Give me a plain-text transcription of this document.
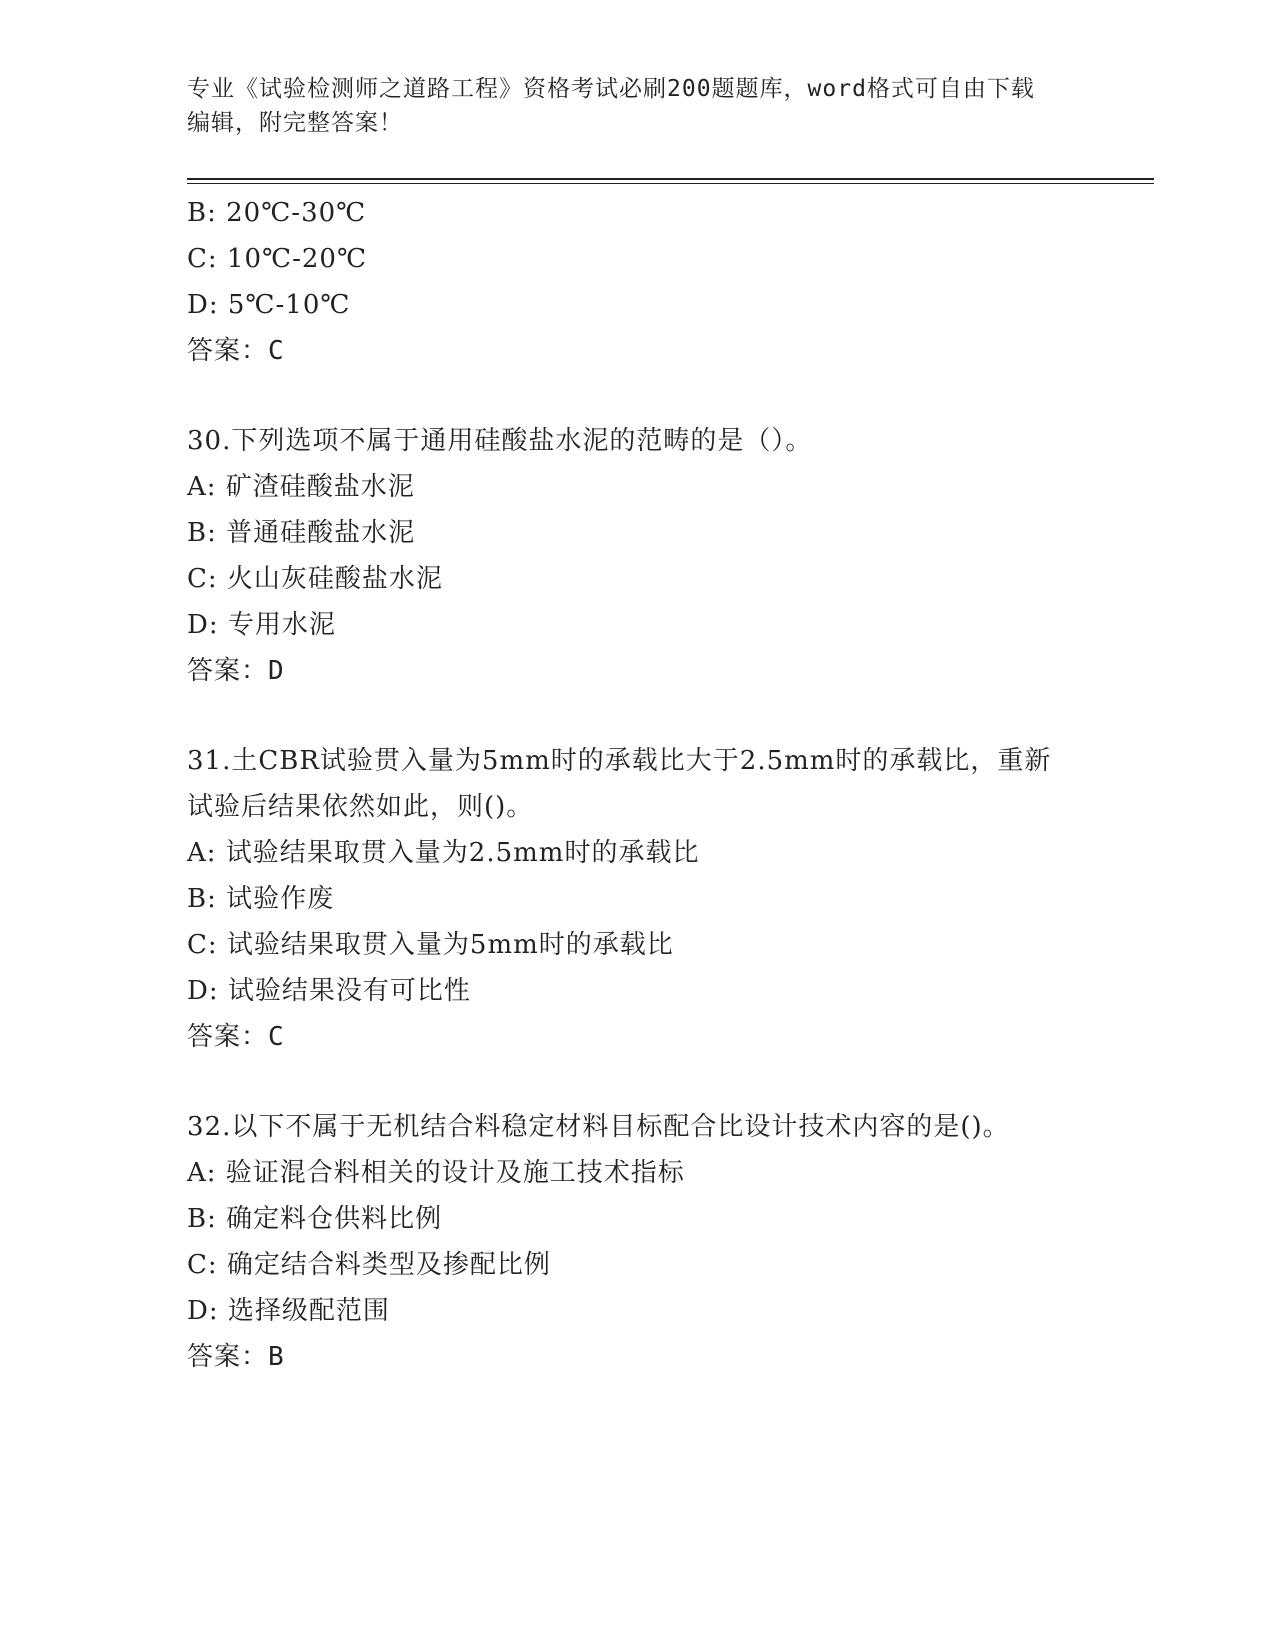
专业《试验检测师之道路工程》资格考试必刷200题题库，word格式可自由下载
编辑，附完整答案！
B: 20℃-30℃
C: 10℃-20℃
D: 5℃-10℃
答案：C
30.下列选项不属于通用硅酸盐水泥的范畴的是（）。
A: 矿渣硅酸盐水泥
B: 普通硅酸盐水泥
C: 火山灰硅酸盐水泥
D: 专用水泥
答案：D
31.土CBR试验贯入量为5mm时的承载比大于2.5mm时的承载比，重新
试验后结果依然如此，则()。
A: 试验结果取贯入量为2.5mm时的承载比
B: 试验作废
C: 试验结果取贯入量为5mm时的承载比
D: 试验结果没有可比性
答案：C
32.以下不属于无机结合料稳定材料目标配合比设计技术内容的是()。
A: 验证混合料相关的设计及施工技术指标
B: 确定料仓供料比例
C: 确定结合料类型及掺配比例
D: 选择级配范围
答案：B
